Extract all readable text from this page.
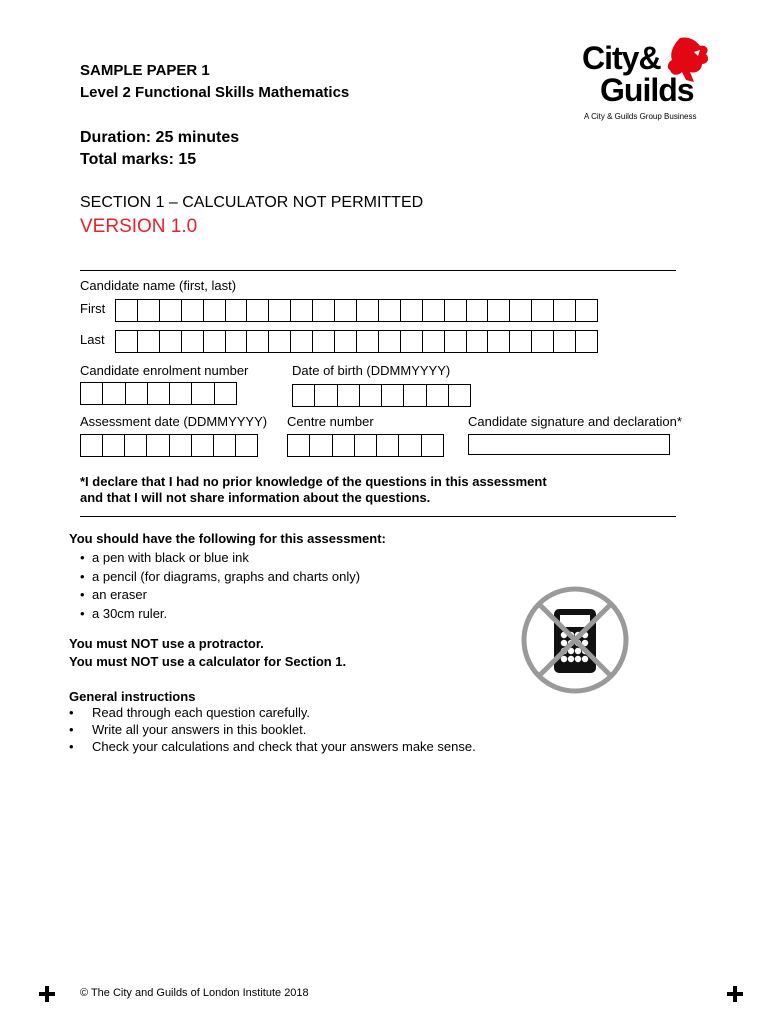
SAMPLE PAPER 1
Level 2 Functional Skills Mathematics
Duration: 25 minutes
Total marks: 15
SECTION 1 – CALCULATOR NOT PERMITTED
VERSION 1.0
City&
Guilds
A City & Guilds Group Business
Candidate name (first, last)
First
Last
Candidate enrolment number	Date of birth (DDMMYYYY)
Assessment date (DDMMYYYY) Centre number	Candidate signature and declaration*
*I declare that I had no prior knowledge of the questions in this assessment
and that I will not share information about the questions.
You should have the following for this assessment:
• a pen with black or blue ink
• a pencil (for diagrams, graphs and charts only)
• an eraser
• a 30cm ruler.
You must NOT use a protractor.
You must NOT use a calculator for Section 1.
General instructions
• Read through each question carefully.
• Write all your answers in this booklet.
• Check your calculations and check that your answers make sense.
© The City and Guilds of London Institute 2018
